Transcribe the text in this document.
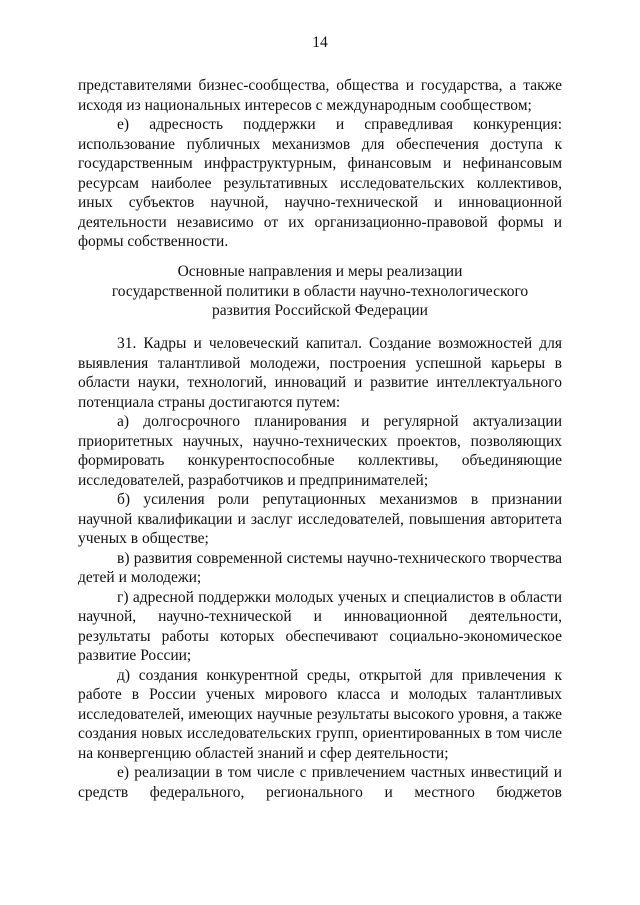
14

представителями бизнес-сообщества, общества и государства, а также исходя из национальных интересов с международным сообществом;

е) адресность поддержки и справедливая конкуренция: использование публичных механизмов для обеспечения доступа к государственным инфраструктурным, финансовым и нефинансовым ресурсам наиболее результативных исследовательских коллективов, иных субъектов научной, научно-технической и инновационной деятельности независимо от их организационно-правовой формы и формы собственности.

Основные направления и меры реализации
государственной политики в области научно-технологического
развития Российской Федерации

31. Кадры и человеческий капитал. Создание возможностей для выявления талантливой молодежи, построения успешной карьеры в области науки, технологий, инноваций и развитие интеллектуального потенциала страны достигаются путем:

а) долгосрочного планирования и регулярной актуализации приоритетных научных, научно-технических проектов, позволяющих формировать конкурентоспособные коллективы, объединяющие исследователей, разработчиков и предпринимателей;

б) усиления роли репутационных механизмов в признании научной квалификации и заслуг исследователей, повышения авторитета ученых в обществе;

в) развития современной системы научно-технического творчества детей и молодежи;

г) адресной поддержки молодых ученых и специалистов в области научной, научно-технической и инновационной деятельности, результаты работы которых обеспечивают социально-экономическое развитие России;

д) создания конкурентной среды, открытой для привлечения к работе в России ученых мирового класса и молодых талантливых исследователей, имеющих научные результаты высокого уровня, а также создания новых исследовательских групп, ориентированных в том числе на конвергенцию областей знаний и сфер деятельности;

е) реализации в том числе с привлечением частных инвестиций и средств федерального, регионального и местного бюджетов
